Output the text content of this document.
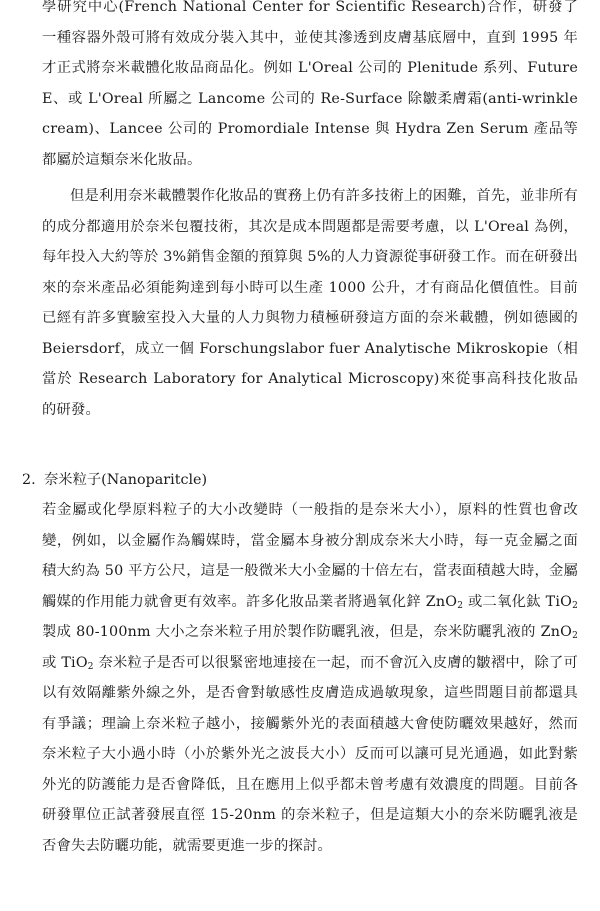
學研究中心(French National Center for Scientific Research)合作，研發了一種容器外殼可將有效成分裝入其中，並使其滲透到皮膚基底層中，直到 1995 年才正式將奈米載體化妝品商品化。例如 L'Oreal 公司的 Plenitude 系列、Future E、或 L'Oreal 所屬之 Lancome 公司的 Re-Surface 除皺柔膚霜(anti-wrinkle cream)、Lancee 公司的 Promordiale Intense 與 Hydra Zen Serum 產品等都屬於這類奈米化妝品。

但是利用奈米載體製作化妝品的實務上仍有許多技術上的困難，首先，並非所有的成分都適用於奈米包覆技術，其次是成本問題都是需要考慮，以 L'Oreal 為例，每年投入大約等於 3%銷售金額的預算與 5%的人力資源從事研發工作。而在研發出來的奈米產品必須能夠達到每小時可以生產 1000 公升，才有商品化價值性。目前已經有許多實驗室投入大量的人力與物力積極研發這方面的奈米載體，例如德國的 Beiersdorf，成立一個 Forschungslabor fuer Analytische Mikroskopie（相當於 Research Laboratory for Analytical Microscopy)來從事高科技化妝品的研發。

2. 奈米粒子(Nanoparitcle)

若金屬或化學原料粒子的大小改變時（一般指的是奈米大小），原料的性質也會改變，例如，以金屬作為觸媒時，當金屬本身被分割成奈米大小時，每一克金屬之面積大約為 50 平方公尺，這是一般微米大小金屬的十倍左右，當表面積越大時，金屬觸媒的作用能力就會更有效率。許多化妝品業者將過氧化鋅 ZnO$_2$ 或二氧化鈦 TiO$_2$ 製成 80-100nm 大小之奈米粒子用於製作防曬乳液，但是，奈米防曬乳液的 ZnO$_2$ 或 TiO$_2$ 奈米粒子是否可以很緊密地連接在一起，而不會沉入皮膚的皺褶中，除了可以有效隔離紫外線之外，是否會對敏感性皮膚造成過敏現象，這些問題目前都還具有爭議；理論上奈米粒子越小，接觸紫外光的表面積越大會使防曬效果越好，然而奈米粒子大小過小時（小於紫外光之波長大小）反而可以讓可見光通過，如此對紫外光的防護能力是否會降低，且在應用上似乎都未曾考慮有效濃度的問題。目前各研發單位正試著發展直徑 15-20nm 的奈米粒子，但是這類大小的奈米防曬乳液是否會失去防曬功能，就需要更進一步的探討。
